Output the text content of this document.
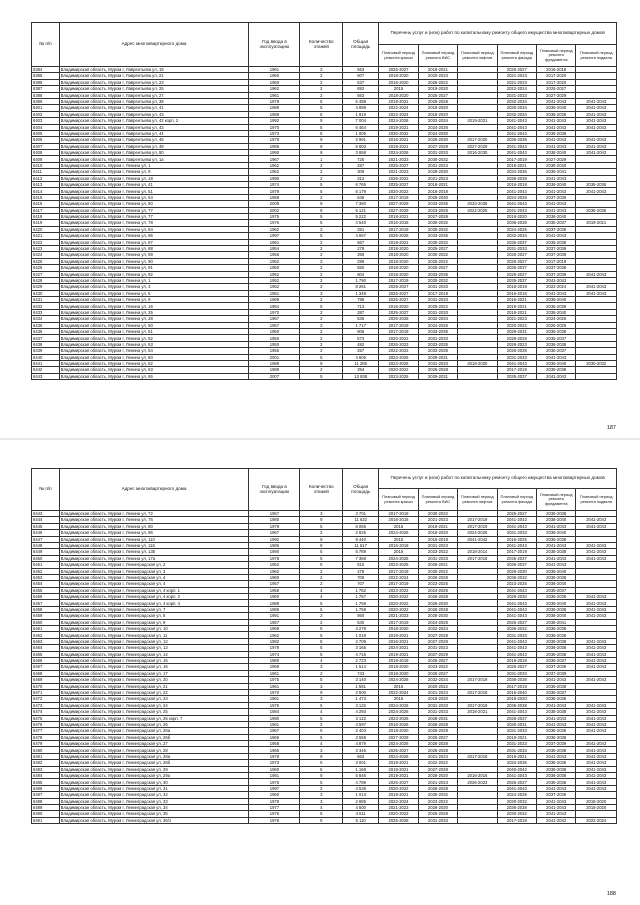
№ п/п	Адрес многоквартирного дома	Год ввода в эксплуатацию	Количество этажей	Общая площадь	Перечень услуг и (или) работ по капитальному ремонту общего имущества многоквартирных домов					
					Плановый период ремонта крыши	Плановый период ремонта ВИС	Плановый период ремонта лифтов	Плановый период ремонта фасада	Плановый период ремонта фундамента	Плановый период ремонта подвала
6384	Владимирская область, Муром г, Лаврентьева ул, 19	1961	2	563	2025-2027	2018-2021		2025-2027	2016-2018	
6385	Владимирская область, Муром г, Лаврентьева ул, 21	1960	2	607	2018-2020	2020-2023		2021-2023	2017-2020	
6386	Владимирская область, Муром г, Лаврентьева ул, 23	1960	2	537	2016-2020	2026-2022		2021-2023	2017-2020	
6387	Владимирская область, Муром г, Лаврентьева ул, 25	1962	2	692	2015	2019-2020		2022-2024	2025-2027	
6388	Владимирская область, Муром г, Лаврентьева ул, 27	1961	2	563	2018-2020	2025-2027		2031-2033	2027-2029	
6389	Владимирская область, Муром г, Лаврентьева ул, 39	1978	5	5 488	2019-2021	2026-2028		2032-2034	2041-2043	2041-2043
6401	Владимирская область, Муром г, Лаврентьева ул, 41	1989	5	4 899	2022-2024	2018-2020		2030-2034	2036-2040	2041-2043
6402	Владимирская область, Муром г, Лаврентьева ул, 43	1989	5	1 919	2022-2024	2018-2020		2032-2034	2036-2038	2041-2043
6403	Владимирская область, Муром г, Лаврентьева ул, 42 корп. 2	1992	9	7 004	2024-2026	2032-2034	2019-2021	2041-2043	2041-2043	2041-2043
6404	Владимирская область, Муром г, Лаврентьева ул, 43	1970	5	6 464	2019-2021	2024-2026		2041-2043	2041-2043	2041-2043
6405	Владимирская область, Муром г, Лаврентьева ул, 44	1973	5	1 005	2030-2032	2024-2030		2041-2043	2036-2038	
6406	Владимирская область, Муром г, Лаврентьева ул, 45	1978	9	2 991	2016-2021	2026-2030	2017-2020	2036-2038	2041-2043	2041-2043
6407	Владимирская область, Муром г, Лаврентьева ул, 49	1985	9	5 603	2019-2021	2027-2029	2027-2029	2041-2043	2041-2043	2041-2043
6408	Владимирская область, Муром г, Лаврентьева ул, 50	1990	9	3 658	2024-2026	2031-2033	2016-2030	2041-2043	2038-2040	2041-2043
6409	Владимирская область, Муром г, Лаврентьева ул, 1а	1967	1	725	2021-2023	2030-2032		2017-2019	2027-2029	
6410	Владимирская область, Муром г, Ленина ул, 1	1962	2	287	2025-2027	2031-2023		2018-2021	2038-2040	
6411	Владимирская область, Муром г, Ленина ул, 9	1952	2	309	2021-2023	2028-2030		2034-2036	2036-2041	
6412	Владимирская область, Муром г, Ленина ул, 18	1990	2	312	2026-2022	2021-2023		2036-2038	2041-2043	
6413	Владимирская область, Муром г, Ленина ул, 41	1974	5	6 765	2025-2027	2019-2021		2016-2018	2036-2040	2036-2036
6414	Владимирская область, Муром г, Ленина ул, 51	1979	5	5 179	2020-2022	2016-2018		2041-2043	2041-2043	2041-2043
6415	Владимирская область, Муром г, Ленина ул, 54	1958	2	646	2017-2019	2028-2030		2024-2026	2037-2039	
6416	Владимирская область, Муром г, Ленина ул, 60	2008	9	7 380	2027-2029	2033-2035	2033-2035	2041-2043	2041-2043	
6417	Владимирская область, Муром г, Ленина ул, 77	2002	9	6 121	2027-2029	2023-2025	2022-2025	2041-2043	2041-2043	2036-2036
6418	Владимирская область, Муром г, Ленина ул, 77	1975	5	5 222	2018-2021	2027-2028		2018-2020	2036-2040	
6419	Владимирская область, Муром г, Ленина ул, 78	1975	5	4 540	2016-2018	2030-2032		2036-2038	2035-2037	2019-2021
6420	Владимирская область, Муром г, Ленина ул, 84	1962	2	281	2017-2019	2030-2032		2024-2026	2037-2039	
6421	Владимирская область, Муром г, Ленина ул, 86	1997	5	4 657	2026-2028	2033-2035		2032-2034	2041-2043	
6422	Владимирская область, Муром г, Ленина ул, 87	1961	2	567	2019-2021	2030-2032		2035-2037	2036-2038	
6423	Владимирская область, Муром г, Ленина ул, 88	1954	2	278	2018-2020	2025-2027		2031-2033	2037-2039	
6424	Владимирская область, Муром г, Ленина ул, 89	1956	2	269	2018-2020	2030-2032		2025-2027	2037-2039	
6425	Владимирская область, Муром г, Ленина ул, 90	1952	2	299	2018-2020	2025-2022		2025-2027	2017-2019	
6426	Владимирская область, Муром г, Ленина ул, 91	1950	2	550	2018-2020	2025-2027		2035-2037	2037-2038	
6427	Владимирская область, Муром г, Ленина ул, 92	1952	2	804	2018-2020	2033-2035		2025-2027	2037-2039	2041-2043
6428	Владимирская область, Муром г, Ленина ул, 1	1952	2	1 790	2017-2019	2030-2032		2035-2037	2041-2043	
6429	Владимирская область, Муром г, Ленина ул, 4	1952	2	8 281	2025-2027	2031-2033		2018-2019	2022-2024	2041-2043
6430	Владимирская область, Муром г, Ленина ул, 5	1951	3	1 349	2025-2027	2017-2019		2016-2018	2041-2043	2041-2043
6431	Владимирская область, Муром г, Ленина ул, 9	1969	2	796	2025-2027	2031-2033		2016-2021	2038-2040	
6432	Владимирская область, Муром г, Ленина ул, 16	1964	5	713	2016-2020	2025-2022		2018-2021	2036-2038	
6433	Владимирская область, Муром г, Ленина ул, 25	1970	2	287	2025-2027	2031-2033		2018-2021	2038-2040	
6434	Владимирская область, Муром г, Ленина ул, 28	1957	2	535	2026-2028	2032-2034		2021-2023	2024-2026	
6435	Владимирская область, Муром г, Ленина ул, 50	1957	2	1 717	2017-2019	2024-2026		2020-2022	2026-2029	
6436	Владимирская область, Муром г, Ленина ул, 51	1950	2	806	2017-2019	2033-2035		2029-2031	2036-2038	
6437	Владимирская область, Муром г, Ленина ул, 52	1950	2	573	2020-2022	2031-2033		2026-2028	2035-2037	
6438	Владимирская область, Муром г, Ленина ул, 53	1950	2	492	2026-2023	2033-2035		2026-2023	2036-2038	
6439	Владимирская область, Муром г, Ленина ул, 54	1955	2	257	2022-2022	2033-2035		2026-2028	2036-2037	
6440	Владимирская область, Муром г, Ленина ул, 60	2001	5	4 605	2024-2026	2029-2031		2031-2033	2041-2043	
6441	Владимирская область, Муром г, Ленина ул, 62	1988	9	11 285	2024-2026	2031-2033	2018-2020	2041-2043	2036-2040	2030-2032
6442	Владимирская область, Муром г, Ленина ул, 63	1989	2	394	2020-2022	2026-2028		2017-2019	2036-2038	
6443	Владимирская область, Муром г, Ленина ул, 65	2007	5	13 838	2023-2025	2029-2031		2035-2037	2041-2043	
187
№ п/п	Адрес многоквартирного дома	Год ввода в эксплуатацию	Количество этажей	Общая площадь	Перечень услуг и (или) работ по капитальному ремонту общего имущества многоквартирных домов					
					Плановый период ремонта крыши	Плановый период ремонта ВИС	Плановый период ремонта лифтов	Плановый период ремонта фасада	Плановый период ремонта фундамента	Плановый период ремонта подвала
6443	Владимирская область, Муром г, Ленина ул, 72	1957	3	3 701	2017-2019	2030-2022		2025-2027	2036-2038	
6444	Владимирская область, Муром г, Ленина ул, 76	1980	9	11 632	2016-2016	2021-2023	2017-2019	2041-2043	2036-2040	2041-2043
6445	Владимирская область, Муром г, Ленина ул, 80	1979	5	6 065	2015	2019-2021	2017-2019	2041-2043	2041-2043	2041-2043
6446	Владимирская область, Муром г, Ленина ул, 86	1967	2	2 825	2024-2026	2018-2020	2024-2026	2031-2033	2038-2040	
6447	Владимирская область, Муром г, Ленина ул, 110	1992	9	8 440	2015	2016-2018	2041-2042	2016-2025	2036-2038	
6448	Владимирская область, Муром г, Ленина ул, 116	1986	9	11 617	2016-2018	2021-2023		2041-2043	2041-2043	2041-2043
6449	Владимирская область, Муром г, Ленина ул, 135	1990	5	5 789	2015	2023-2022	2018-2014	2017-2019	2036-2038	2041-2043
6450	Владимирская область, Муром г, Ленина ул, 17а	1978	5	7 368	2024-2026	2031-2033	2017-2018	2035-2037	2041-2043	2041-2043
6451	Владимирская область, Муром г, Ленинградская ул, 2	1952	5	515	2023-2025	2029-2021		2035-2037	2041-2043	
6452	Владимирская область, Муром г, Ленинградская ул, 3	1962	2	476	2017-2019	2030-2022		2028-2030	2038-2040	
6453	Владимирская область, Муром г, Ленинградская ул, 4	1960	2	709	2022-2024	2026-2028		2036-2032	2036-2038	
6454	Владимирская область, Муром г, Ленинградская ул, 4	1957	2	707	2017-2019	2023-2025		2023-2025	2036-2040	
6455	Владимирская область, Муром г, Ленинградская ул, 4 корп. 1	1958	4	1 762	2023-2022	2024-2026		2041-2043	2035-2037	
6456	Владимирская область, Муром г, Ленинградская ул, 4 корп. 2	1960	4	1 767	2020-2022	2026-2028		2028-2030	2036-2038	2041-2043
6457	Владимирская область, Муром г, Ленинградская ул, 4 корп. 4	1988	5	1 759	2020-2022	2026-2030		2041-2043	2038-2040	2041-2043
6458	Владимирская область, Муром г, Ленинградская ул, 7	1986	5	1 759	2020-2022	2026-2028		2041-2043	2036-2038	2041-2043
6459	Владимирская область, Муром г, Ленинградская ул, 8	1991	2	860	2021-2023	2028-2030		2041-2043	2038-2040	2041-2043
6460	Владимирская область, Муром г, Ленинградская ул, 9	1957	2	540	2017-2019	2024-2026		2025-2027	2036-2041	
6461	Владимирская область, Муром г, Ленинградская ул, 10	1969	5	4 278	2018-2020	2022-2024		2036-2032	2036-2038	
6462	Владимирская область, Муром г, Ленинградская ул, 11	1962	5	1 018	2019-2021	2027-2029		2031-2033	2036-2038	
6463	Владимирская область, Муром г, Ленинградская ул, 12	1982	5	2 709	2016-2021	2027-2029		2041-2043	2036-2038	2041-2043
6464	Владимирская область, Муром г, Ленинградская ул, 13	1979	5	3 165	2024-2021	2031-2023		2041-2043	2036-2038	2041-2043
6465	Владимирская область, Муром г, Ленинградская ул, 14	1974	5	4 715	2019-2021	2027-2029		2041-2043	2036-2038	2041-2043
6466	Владимирская область, Муром г, Ленинградская ул, 15	1980	4	2 723	2019-2019	2025-2027		2019-2018	2036-2037	2041-2043
6467	Владимирская область, Муром г, Ленинградская ул, 16	1969	3	1 514	2018-2020	2023-2022		2025-2027	2037-2039	2041-2043
6468	Владимирская область, Муром г, Ленинградская ул, 17	1961	2	743	2018-2020	2025-2027		2031-2033	2037-2039	
6469	Владимирская область, Муром г, Ленинградская ул, 20	1975	5	3 140	2024-2026	2032-2034	2017-2019	2036-2038	2041-2043	2041-2043
6470	Владимирская область, Муром г, Ленинградская ул, 21	1961	3	1 581	2015	2020-2022		2017-2019	2036-2038	
6471	Владимирская область, Муром г, Ленинградская ул, 22	1970	9	2 500	2022-2024	2021-2023	2017-2019	2016-2040	2035-2037	
6472	Владимирская область, Муром г, Ленинградская ул, 23	1961	3	1 473	2015	2018-2020		2018-2020	2036-2038	
6473	Владимирская область, Муром г, Ленинградская ул, 24	1976	5	3 132	2024-2026	2031-2033	2017-2019	2036-2038	2041-2043	2041-2043
6474	Владимирская область, Муром г, Ленинградская ул, 25	1984	4	4 293	2024-2026	2031-2033	2018-2021	2041-2043	2038-2038	2041-2043
6475	Владимирская область, Муром г, Ленинградская ул, 25 корп. 7	1990	5	3 122	2023-2026	2028-2031		2028-2037	2041-2043	2041-2043
6476	Владимирская область, Муром г, Ленинградская ул, 26	1961	2	4 597	2016-2026	2026-2028		2030-2031	2041-2043	2041-2043
6477	Владимирская область, Муром г, Ленинградская ул, 26а	1967	5	3 403	2018-2020	2026-2028		2031-2033	2036-2038	2041-2043
6478	Владимирская область, Муром г, Ленинградская ул, 26б	1966	5	3 568	2027-2029	2025-2027		2019-2021	2036-2038	
6479	Владимирская область, Муром г, Ленинградская ул, 27	1958	4	4 879	2024-2026	2026-2028		2031-2033	2037-2039	2041-2043
6480	Владимирская область, Муром г, Ленинградская ул, 28	1965	3	3 345	2025-2027	2026-2028		2031-2033	2036-2038	2041-2043
6481	Владимирская область, Муром г, Ленинградская ул, 28а	1978	9	663	2024-2026	2021-2023	2017-2019	2019-2021	2041-2043	2041-2043
6482	Владимирская область, Муром г, Ленинградская ул, 28б	1973	5	3 001	2019-2021	2022-2022		2034-2036	2036-2038	2041-2043
6483	Владимирская область, Муром г, Ленинградская ул, 29	1960	5	1 168	2019-2021	2027-2029		2040-2042	2036-2038	2041-2043
6484	Владимирская область, Муром г, Ленинградская ул, 29а	1981	9	5 846	2019-2021	2028-2020	2016-2016	2041-2043	2036-2038	2041-2043
6485	Владимирская область, Муром г, Ленинградская ул, 30	1975	5	4 799	2025-2027	2021-2023	2026-2023	2025-2027	2036-2038	2041-2043
6486	Владимирская область, Муром г, Ленинградская ул, 31	1997	2	4 538	2020-2022	2026-2028		2041-2043	2041-2043	2041-2043
6487	Владимирская область, Муром г, Ленинградская ул, 32	1960	3	1 013	2019-2021	2030-2032		2024-2026	2037-2039	
6488	Владимирская область, Муром г, Ленинградская ул, 33	1978	3	2 685	2022-2024	2023-2022		2030-2032	2041-2043	2018-2020
6489	Владимирская область, Муром г, Ленинградская ул, 34	1977	4	4 500	2021-2023	2028-2030		2036-2038	2041-2043	2018-2020
6490	Владимирская область, Муром г, Ленинградская ул, 35	1976	5	4 511	2020-2022	2026-2028		2030-2032	2041-2043	
6491	Владимирская область, Муром г, Ленинградская ул, 36/1	1976	5	5 110	2025-2028	2031-2033		2017-2019	2041-2042	2022-2024
188
